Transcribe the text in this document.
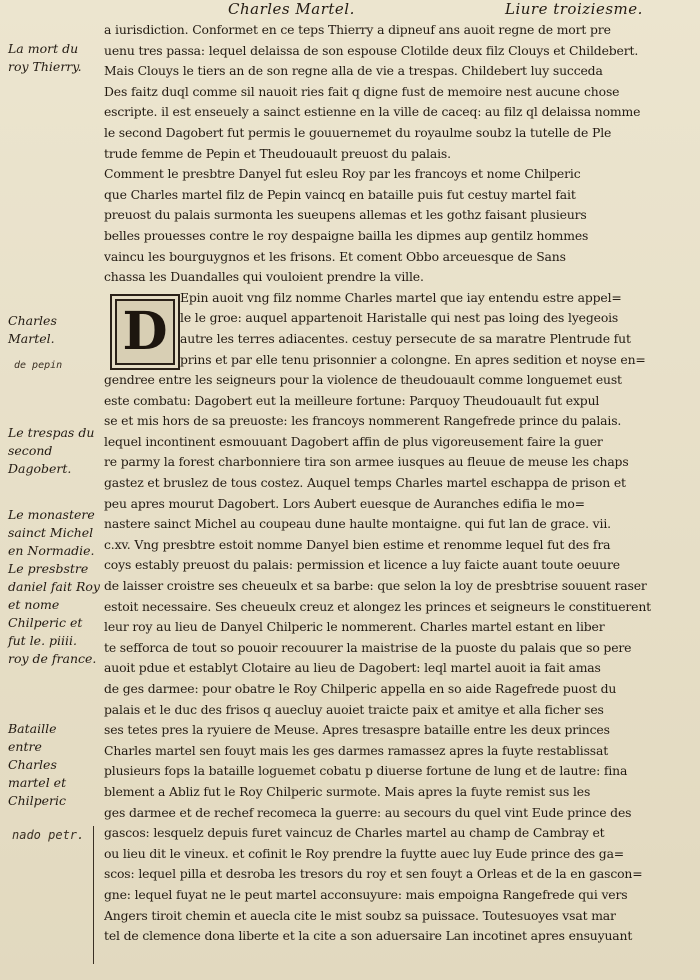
Charles Martel.	Liure troiziesme.
La mort du roy Thierry.
Charles Martel.
de pepin
Le trespas du second Dagobert.
Le monastere sainct Michel en Normadie. Le presbstre daniel fait Roy et nome Chilperic et fut le. piiii. roy de france.
Bataille entre Charles martel et Chilperic
nado petr.
D
a iurisdiction. Conformet en ce teps Thierry a dipneuf ans auoit regne de mort pre
uenu tres passa: lequel delaissa de son espouse Clotilde deux filz Clouys et Childebert.
Mais Clouys le tiers an de son regne alla de vie a trespas. Childebert luy succeda
Des faitz duql comme sil nauoit ries fait q digne fust de memoire nest aucune chose
escripte. il est enseuely a sainct estienne en la ville de caceq: au filz ql delaissa nomme
le second Dagobert fut permis le gouuernemet du royaulme soubz la tutelle de Ple
trude femme de Pepin et Theudouault preuost du palais.
Comment le presbtre Danyel fut esleu Roy par les francoys et nome Chilperic
que Charles martel filz de Pepin vaincq en bataille puis fut cestuy martel fait
preuost du palais surmonta les sueupens allemas et les gothz faisant plusieurs
belles prouesses contre le roy despaigne bailla les dipmes aup gentilz hommes
vaincu les bourguygnos et les frisons. Et coment Obbo arceuesque de Sans
chassa les Duandalles qui vouloient prendre la ville.
Epin auoit vng filz nomme Charles martel que iay entendu estre appel=
le le groe: auquel appartenoit Haristalle qui nest pas loing des lyegeois
autre les terres adiacentes. cestuy persecute de sa maratre Plentrude fut
prins et par elle tenu prisonnier a colongne. En apres sedition et noyse en=
gendree entre les seigneurs pour la violence de theudouault comme longuemet eust
este combatu: Dagobert eut la meilleure fortune: Parquoy Theudouault fut expul
se et mis hors de sa preuoste: les francoys nommerent Rangefrede prince du palais.
lequel incontinent esmouuant Dagobert affin de plus vigoreusement faire la guer
re parmy la forest charbonniere tira son armee iusques au fleuue de meuse les chaps
gastez et bruslez de tous costez. Auquel temps Charles martel eschappa de prison et
peu apres mourut Dagobert. Lors Aubert euesque de Auranches edifia le mo=
nastere sainct Michel au coupeau dune haulte montaigne. qui fut lan de grace. vii.
c.xv. Vng presbtre estoit nomme Danyel bien estime et renomme lequel fut des fra
coys estably preuost du palais: permission et licence a luy faicte auant toute oeuure
de laisser croistre ses cheueulx et sa barbe: que selon la loy de presbtrise souuent raser
estoit necessaire. Ses cheueulx creuz et alongez les princes et seigneurs le constituerent
leur roy au lieu de Danyel Chilperic le nommerent. Charles martel estant en liber
te sefforca de tout so pouoir recouurer la maistrise de la puoste du palais que so pere
auoit pdue et establyt Clotaire au lieu de Dagobert: leql martel auoit ia fait amas
de ges darmee: pour obatre le Roy Chilperic appella en so aide Ragefrede puost du
palais et le duc des frisos q auecluy auoiet traicte paix et amitye et alla ficher ses
ses tetes pres la ryuiere de Meuse. Apres tresaspre bataille entre les deux princes
Charles martel sen fouyt mais les ges darmes ramassez apres la fuyte restablissat
plusieurs fops la bataille loguemet cobatu p diuerse fortune de lung et de lautre: fina
blement a Abliz fut le Roy Chilperic surmote. Mais apres la fuyte remist sus les
ges darmee et de rechef recomeca la guerre: au secours du quel vint Eude prince des
gascos: lesquelz depuis furet vaincuz de Charles martel au champ de Cambray et
ou lieu dit le vineux. et cofinit le Roy prendre la fuytte auec luy Eude prince des ga=
scos: lequel pilla et desroba les tresors du roy et sen fouyt a Orleas et de la en gascon=
gne: lequel fuyat ne le peut martel acconsuyure: mais empoigna Rangefrede qui vers
Angers tiroit chemin et auecla cite le mist soubz sa puissace. Toutesuoyes vsat mar
tel de clemence dona liberte et la cite a son aduersaire Lan incotinet apres ensuyuant
